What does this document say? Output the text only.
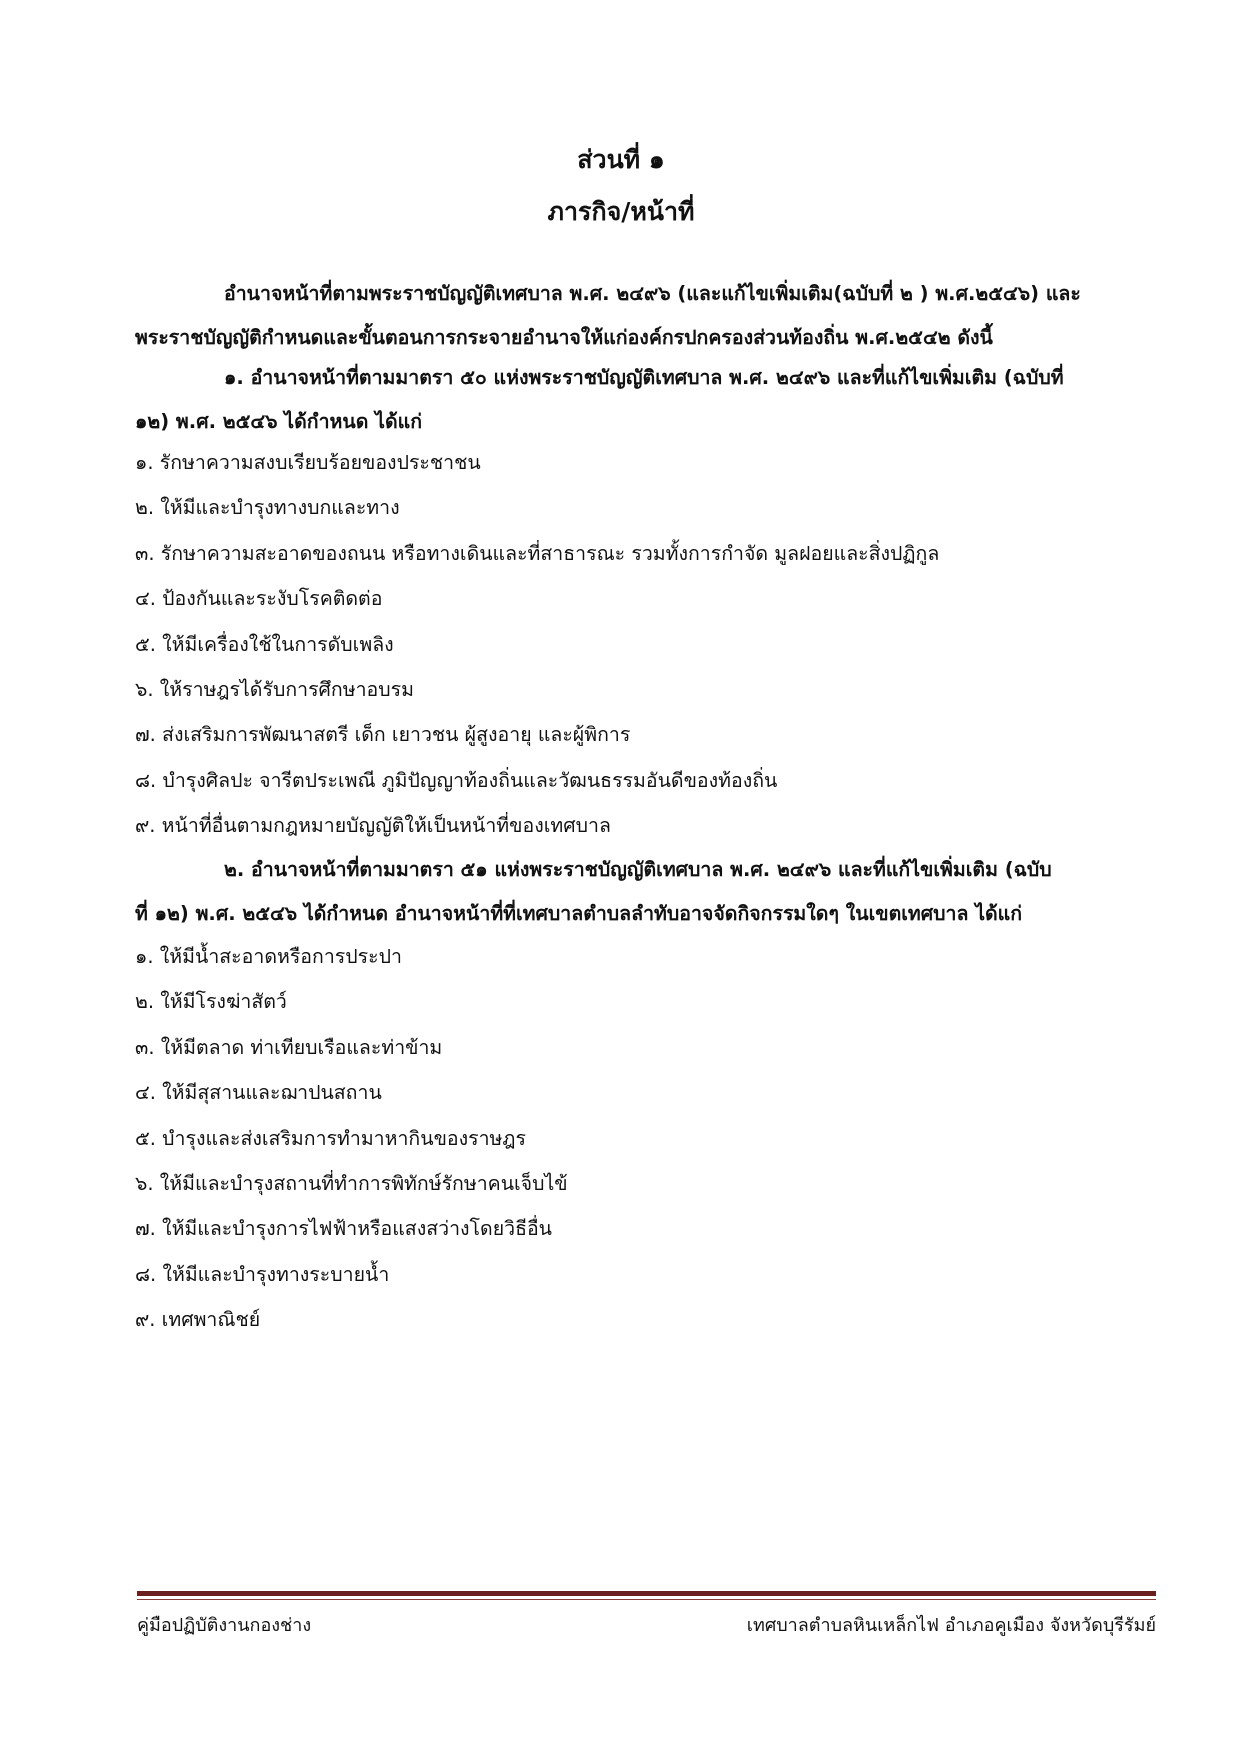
ส่วนที่ ๑
ภารกิจ/หน้าที่
อำนาจหน้าที่ตามพระราชบัญญัติเทศบาล พ.ศ. ๒๔๙๖ (และแก้ไขเพิ่มเติม(ฉบับที่ ๒ ) พ.ศ.๒๕๔๖) และ
พระราชบัญญัติกำหนดและขั้นตอนการกระจายอำนาจให้แก่องค์กรปกครองส่วนท้องถิ่น พ.ศ.๒๕๔๒ ดังนี้
๑. อำนาจหน้าที่ตามมาตรา ๕๐ แห่งพระราชบัญญัติเทศบาล พ.ศ. ๒๔๙๖ และที่แก้ไขเพิ่มเติม (ฉบับที่
๑๒) พ.ศ. ๒๕๔๖ ได้กำหนด ได้แก่
๑. รักษาความสงบเรียบร้อยของประชาชน
๒. ให้มีและบำรุงทางบกและทาง
๓. รักษาความสะอาดของถนน หรือทางเดินและที่สาธารณะ รวมทั้งการกำจัด มูลฝอยและสิ่งปฏิกูล
๔. ป้องกันและระงับโรคติดต่อ
๕. ให้มีเครื่องใช้ในการดับเพลิง
๖. ให้ราษฎรได้รับการศึกษาอบรม
๗. ส่งเสริมการพัฒนาสตรี เด็ก เยาวชน ผู้สูงอายุ และผู้พิการ
๘. บำรุงศิลปะ จารีตประเพณี ภูมิปัญญาท้องถิ่นและวัฒนธรรมอันดีของท้องถิ่น
๙. หน้าที่อื่นตามกฎหมายบัญญัติให้เป็นหน้าที่ของเทศบาล
๒. อำนาจหน้าที่ตามมาตรา ๕๑ แห่งพระราชบัญญัติเทศบาล พ.ศ. ๒๔๙๖ และที่แก้ไขเพิ่มเติม (ฉบับ
ที่ ๑๒) พ.ศ. ๒๕๔๖ ได้กำหนด อำนาจหน้าที่ที่เทศบาลตำบลลำทับอาจจัดกิจกรรมใดๆ ในเขตเทศบาล ได้แก่
๑. ให้มีน้ำสะอาดหรือการประปา
๒. ให้มีโรงฆ่าสัตว์
๓. ให้มีตลาด ท่าเทียบเรือและท่าข้าม
๔. ให้มีสุสานและฌาปนสถาน
๕. บำรุงและส่งเสริมการทำมาหากินของราษฎร
๖. ให้มีและบำรุงสถานที่ทำการพิทักษ์รักษาคนเจ็บไข้
๗. ให้มีและบำรุงการไฟฟ้าหรือแสงสว่างโดยวิธีอื่น
๘. ให้มีและบำรุงทางระบายน้ำ
๙. เทศพาณิชย์
คู่มือปฏิบัติงานกองช่าง	เทศบาลตำบลหินเหล็กไฟ อำเภอคูเมือง จังหวัดบุรีรัมย์
